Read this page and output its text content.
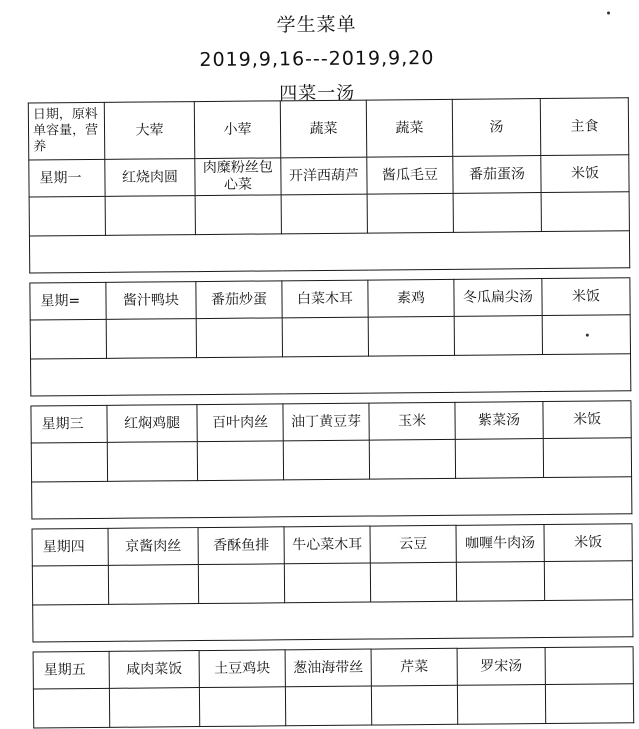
学生菜单
2019,9,16---2019,9,20
四菜一汤
日期，原料单容量，营养	大荤	小荤	蔬菜	蔬菜	汤	主食
星期一	红烧肉圆	肉糜粉丝包心菜	开洋西葫芦	酱瓜毛豆	番茄蛋汤	米饭

星期=	酱汁鸭块	番茄炒蛋	白菜木耳	素鸡	冬瓜扁尖汤	米饭

星期三	红焖鸡腿	百叶肉丝	油丁黄豆芽	玉米	紫菜汤	米饭

星期四	京酱肉丝	香酥鱼排	牛心菜木耳	云豆	咖喱牛肉汤	米饭

星期五	咸肉菜饭	土豆鸡块	葱油海带丝	芹菜	罗宋汤	
